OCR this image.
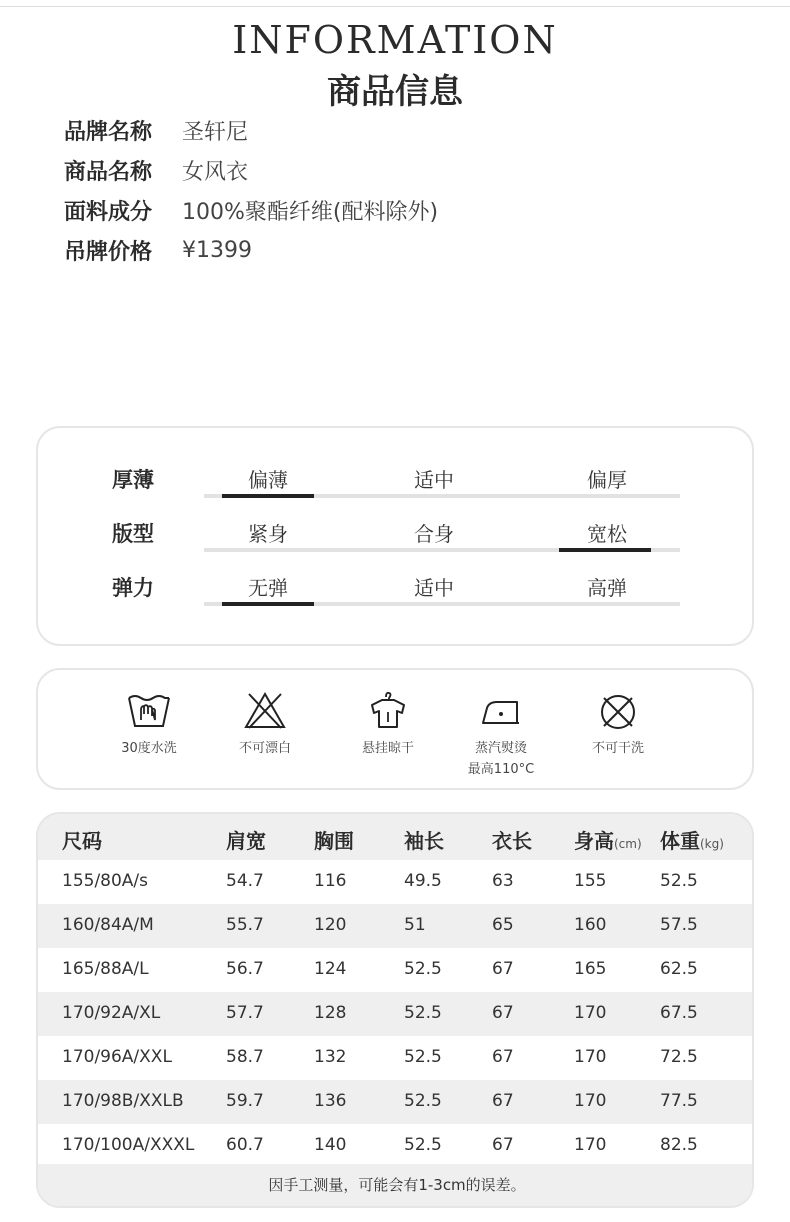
INFORMATION
商品信息
品牌名称	圣轩尼
商品名称	女风衣
面料成分	100%聚酯纤维(配料除外)
吊牌价格	¥1399
厚薄	偏薄	适中	偏厚
版型	紧身	合身	宽松
弹力	无弹	适中	高弹
30度水洗	不可漂白	悬挂晾干	蒸汽熨烫
最高110°C
不可干洗
尺码	肩宽 胸围	袖长 衣长 身高(cm) 体重(kg)
155/80A/s	54.7	116	49.5	63	155	52.5
160/84A/M	55.7	120	51	65	160	57.5
165/88A/L	56.7	124	52.5	67	165	62.5
170/92A/XL	57.7	128	52.5	67	170	67.5
170/96A/XXL	58.7	132	52.5	67	170	72.5
170/98B/XXLB 59.7	136	52.5	67	170	77.5
170/100A/XXXL 60.7	140	52.5	67	170	82.5
因手工测量，可能会有1-3cm的误差。
